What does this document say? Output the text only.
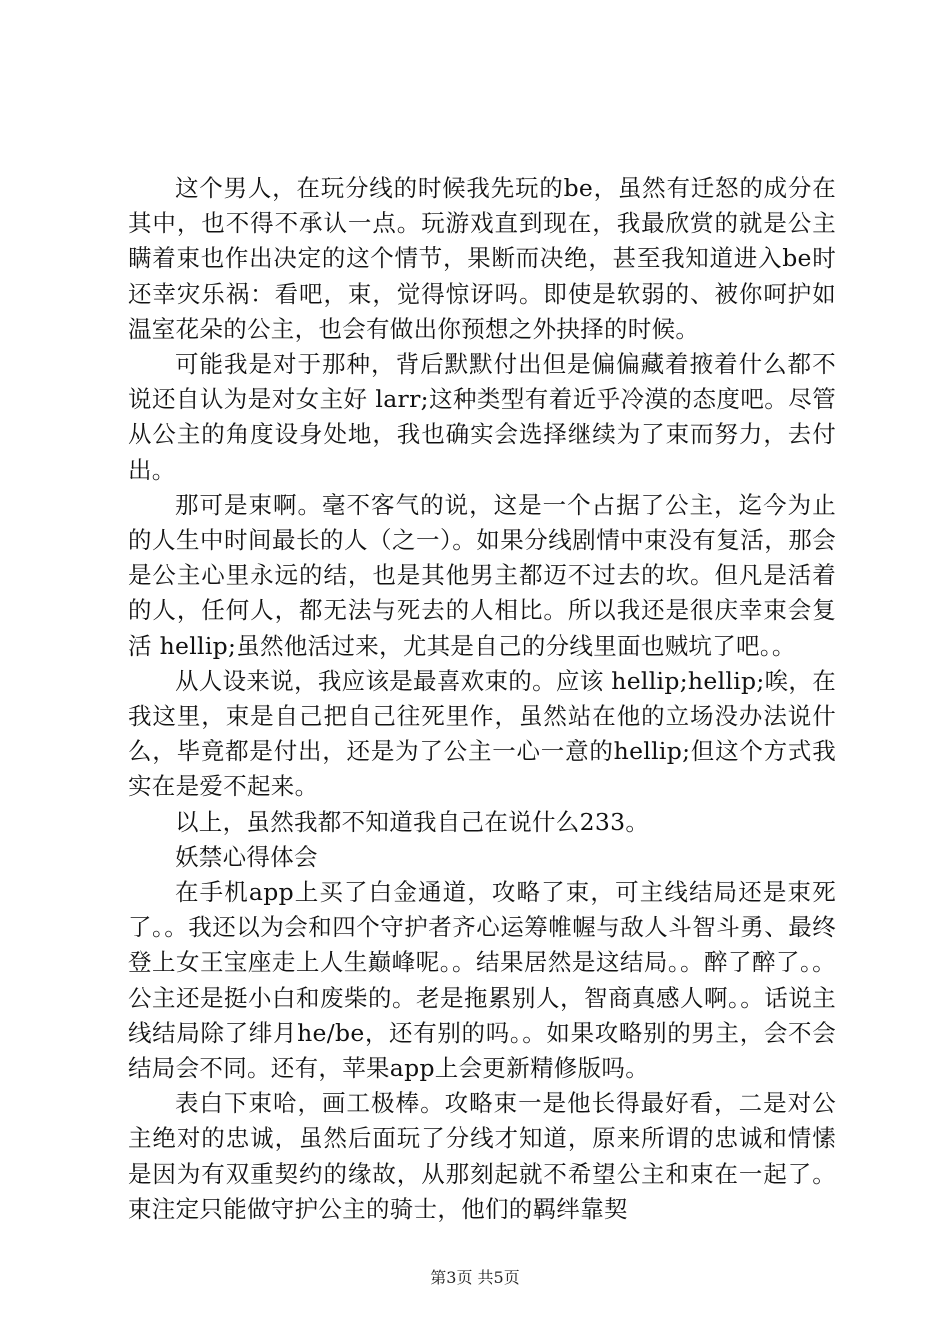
这个男人，在玩分线的时候我先玩的be，虽然有迁怒的成分在其中，也不得不承认一点。玩游戏直到现在，我最欣赏的就是公主瞒着束也作出决定的这个情节，果断而决绝，甚至我知道进入be时还幸灾乐祸：看吧，束，觉得惊讶吗。即使是软弱的、被你呵护如温室花朵的公主，也会有做出你预想之外抉择的时候。

可能我是对于那种，背后默默付出但是偏偏藏着掖着什么都不说还自认为是对女主好 larr;这种类型有着近乎冷漠的态度吧。尽管从公主的角度设身处地，我也确实会选择继续为了束而努力，去付出。

那可是束啊。毫不客气的说，这是一个占据了公主，迄今为止的人生中时间最长的人（之一）。如果分线剧情中束没有复活，那会是公主心里永远的结，也是其他男主都迈不过去的坎。但凡是活着的人，任何人，都无法与死去的人相比。所以我还是很庆幸束会复活 hellip;虽然他活过来，尤其是自己的分线里面也贼坑了吧。。

从人设来说，我应该是最喜欢束的。应该 hellip;hellip;唉，在我这里，束是自己把自己往死里作，虽然站在他的立场没办法说什么，毕竟都是付出，还是为了公主一心一意的hellip;但这个方式我实在是爱不起来。

以上，虽然我都不知道我自己在说什么233。

妖禁心得体会

在手机app上买了白金通道，攻略了束，可主线结局还是束死了。。我还以为会和四个守护者齐心运筹帷幄与敌人斗智斗勇、最终登上女王宝座走上人生巅峰呢。。结果居然是这结局。。醉了醉了。。公主还是挺小白和废柴的。老是拖累别人，智商真感人啊。。话说主线结局除了绯月he/be，还有别的吗。。如果攻略别的男主，会不会结局会不同。还有，苹果app上会更新精修版吗。

表白下束哈，画工极棒。攻略束一是他长得最好看，二是对公主绝对的忠诚，虽然后面玩了分线才知道，原来所谓的忠诚和情愫是因为有双重契约的缘故，从那刻起就不希望公主和束在一起了。束注定只能做守护公主的骑士，他们的羁绊靠契

第3页 共5页
